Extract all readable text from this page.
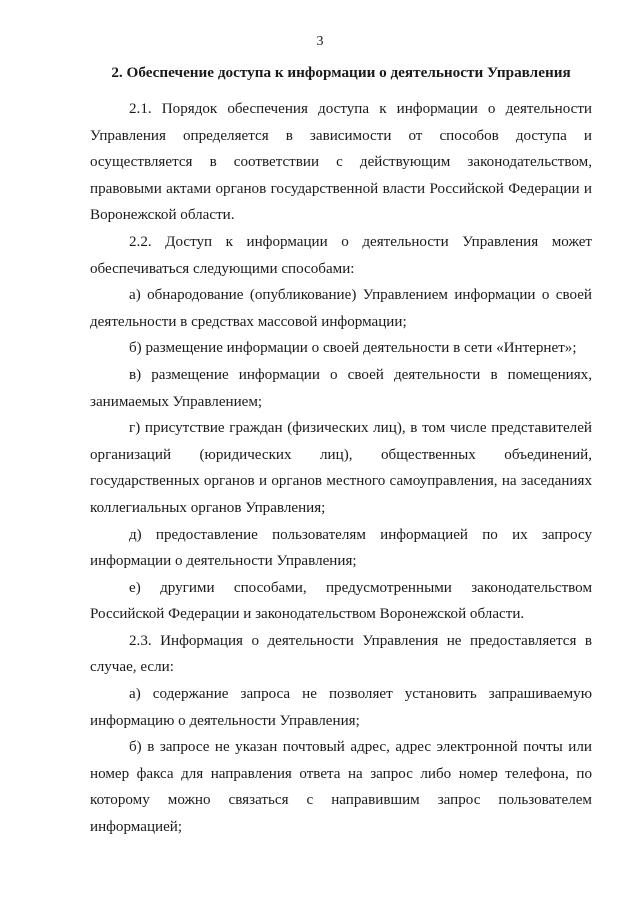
3
2. Обеспечение доступа к информации о деятельности Управления

2.1. Порядок обеспечения доступа к информации о деятельности Управления определяется в зависимости от способов доступа и осуществляется в соответствии с действующим законодательством, правовыми актами органов государственной власти Российской Федерации и Воронежской области.

2.2. Доступ к информации о деятельности Управления может обеспечиваться следующими способами:

а) обнародование (опубликование) Управлением информации о своей деятельности в средствах массовой информации;

б) размещение информации о своей деятельности в сети «Интернет»;

в) размещение информации о своей деятельности в помещениях, занимаемых Управлением;

г) присутствие граждан (физических лиц), в том числе представителей организаций (юридических лиц), общественных объединений, государственных органов и органов местного самоуправления, на заседаниях коллегиальных органов Управления;

д) предоставление пользователям информацией по их запросу информации о деятельности Управления;

е) другими способами, предусмотренными законодательством Российской Федерации и законодательством Воронежской области.

2.3. Информация о деятельности Управления не предоставляется в случае, если:

а) содержание запроса не позволяет установить запрашиваемую информацию о деятельности Управления;

б) в запросе не указан почтовый адрес, адрес электронной почты или номер факса для направления ответа на запрос либо номер телефона, по которому можно связаться с направившим запрос пользователем информацией;
